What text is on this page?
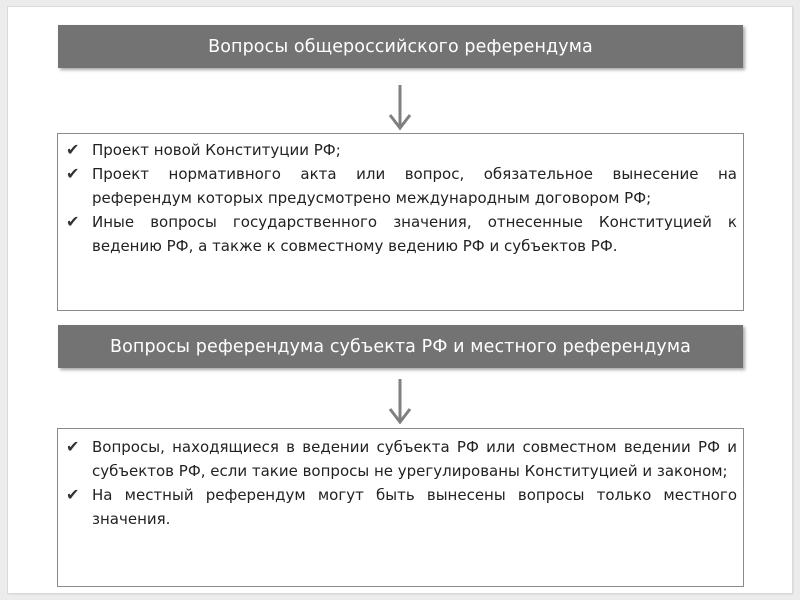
Вопросы общероссийского референдума
✔ Проект новой Конституции РФ;
✔ Проект нормативного акта или вопрос, обязательное вынесение на референдум которых предусмотрено международным договором РФ;
✔ Иные вопросы государственного значения, отнесенные Конституцией к ведению РФ, а также к совместному ведению РФ и субъектов РФ.
Вопросы референдума субъекта РФ и местного референдума
✔ Вопросы, находящиеся в ведении субъекта РФ или совместном ведении РФ и субъектов РФ, если такие вопросы не урегулированы Конституцией и законом;
✔ На местный референдум могут быть вынесены вопросы только местного значения.
